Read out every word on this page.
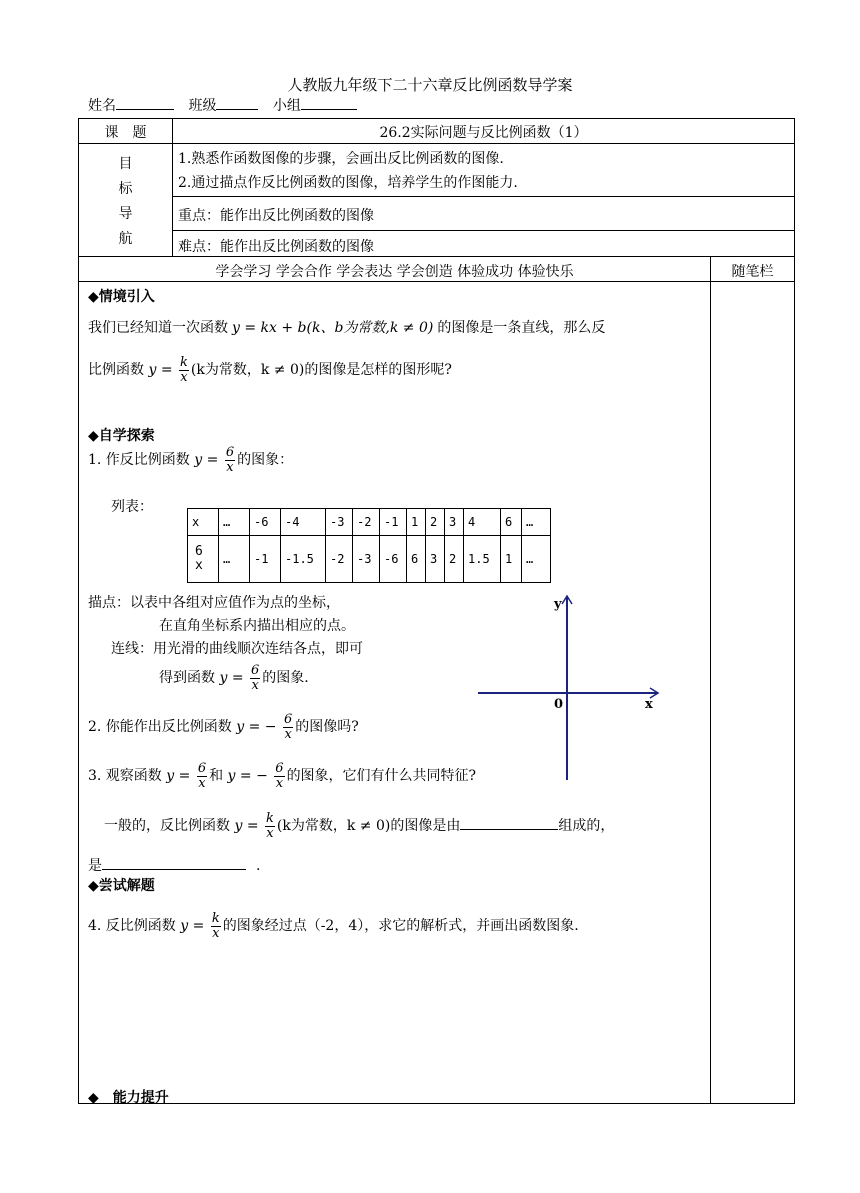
人教版九年级下二十六章反比例函数导学案
姓名	班级	小组
课　题	26.2实际问题与反比例函数（1）
目
标
导
航
1.熟悉作函数图像的步骤，会画出反比例函数的图像.
2.通过描点作反比例函数的图像，培养学生的作图能力.
重点：能作出反比例函数的图像
难点：能作出反比例函数的图像
学会学习 学会合作 学会表达 学会创造 体验成功 体验快乐	随笔栏
◆情境引入
我们已经知道一次函数 y = kx + b(k、b为常数,k ≠ 0) 的图像是一条直线，那么反
比例函数 $y = \frac{k}{x} (k$为常数，k ≠ 0)的图像是怎样的图形呢?
◆自学探索
1. 作反比例函数 $y = \frac{6}{x}$ 的图象：
列表：
x	…	-6	-4	-3	-2	-1	1	2	3	4	6	…

6
x	…	-1	-1.5	-2	-3	-6	6	3	2	1.5	1	…
描点：以表中各组对应值作为点的坐标，
在直角坐标系内描出相应的点。
连线：用光滑的曲线顺次连结各点，即可
得到函数 $y = \frac{6}{x}$ 的图象.
y
x
0
2. 你能作出反比例函数 y = − $\frac{6}{x}$ 的图像吗?
3. 观察函数 $y = \frac{6}{x}$ 和 y = − $\frac{6}{x}$ 的图象，它们有什么共同特征?
一般的，反比例函数 $y = \frac{k}{x} (k$为常数，k ≠ 0)的图像是由	组成的，
是	.
◆尝试解题
4. 反比例函数 $y = \frac{k}{x}$ 的图象经过点（-2，4），求它的解析式，并画出函数图象.
◆　能力提升
